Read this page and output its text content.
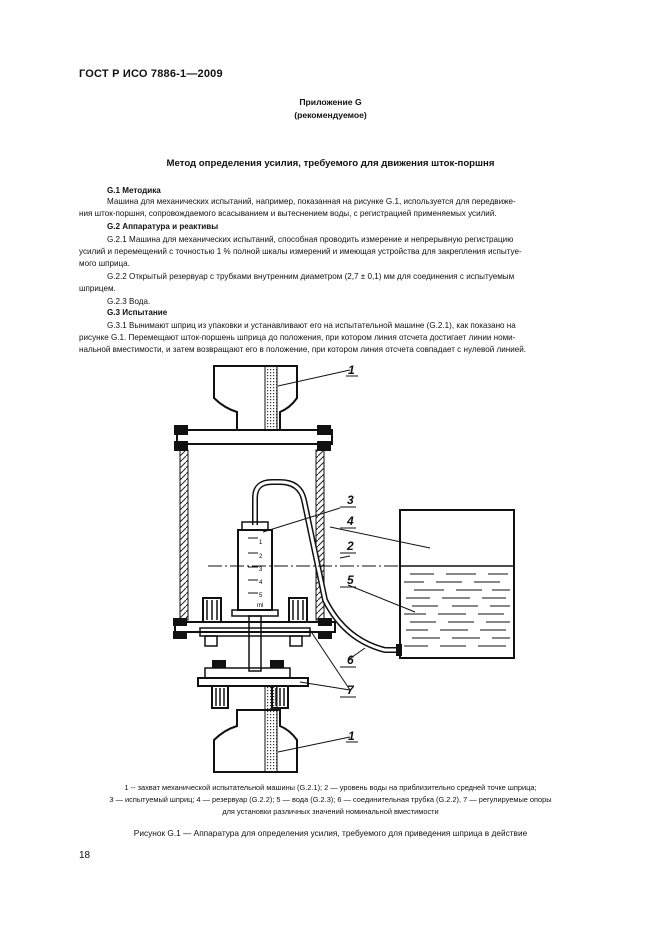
ГОСТ Р ИСО 7886-1—2009
Приложение G
(рекомендуемое)
Метод определения усилия, требуемого для движения шток-поршня
G.1 Методика
Машина для механических испытаний, например, показанная на рисунке G.1, используется для передвиже-
ния шток-поршня, сопровождаемого всасыванием и вытеснением воды, с регистрацией применяемых усилий.
G.2 Аппаратура и реактивы
G.2.1 Машина для механических испытаний, способная проводить измерение и непрерывную регистрацию
усилий и перемещений с точностью 1 % полной шкалы измерений и имеющая устройства для закрепления испытуе-
мого шприца.
G.2.2 Открытый резервуар с трубками внутренним диаметром (2,7 ± 0,1) мм для соединения с испытуемым
шприцем.
G.2.3 Вода.
G.3 Испытание
G.3.1 Вынимают шприц из упаковки и устанавливают его на испытательной машине (G.2.1), как показано на
рисунке G.1. Перемещают шток-поршень шприца до положения, при котором линия отсчета достигает линии номи-
нальной вместимости, и затем возвращают его в положение, при котором линия отсчета совпадает с нулевой линией.
1
2
3
4
5
ml
1
1
2
3
4
5
6
7
1 -- захват механической испытательной машины (G.2.1); 2 — уровень воды на приблизительно средней точке шприца;
3 — испытуемый шприц; 4 — резервуар (G.2.2); 5 — вода (G.2.3); 6 — соединительная трубка (G.2.2), 7 — регулируемые опоры
для установки различных значений номинальной вместимости
Рисунок G.1 — Аппаратура для определения усилия, требуемого для приведения шприца в действие
18
